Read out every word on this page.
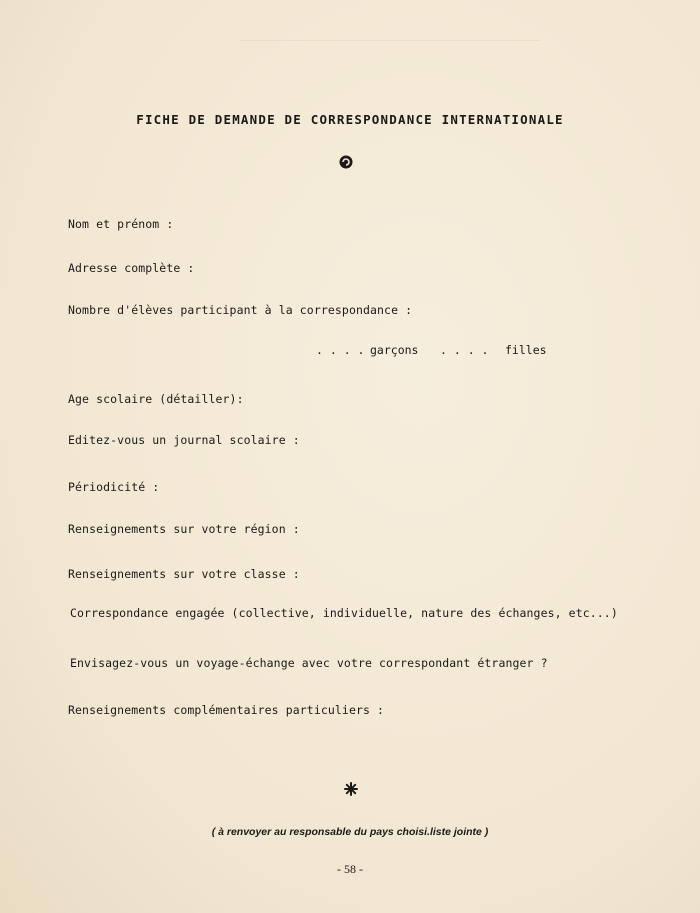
FICHE DE DEMANDE DE CORRESPONDANCE INTERNATIONALE
Nom et prénom :
Adresse complète :
Nombre d'élèves participant à la correspondance :
. . . . garçons . . . . filles
Age scolaire (détailler):
Editez-vous un journal scolaire :
Périodicité :
Renseignements sur votre région :
Renseignements sur votre classe :
Correspondance engagée (collective, individuelle, nature des échanges, etc...)
Envisagez-vous un voyage-échange avec votre correspondant étranger ?
Renseignements complémentaires particuliers :
( à renvoyer au responsable du pays choisi.liste jointe )
- 58 -
